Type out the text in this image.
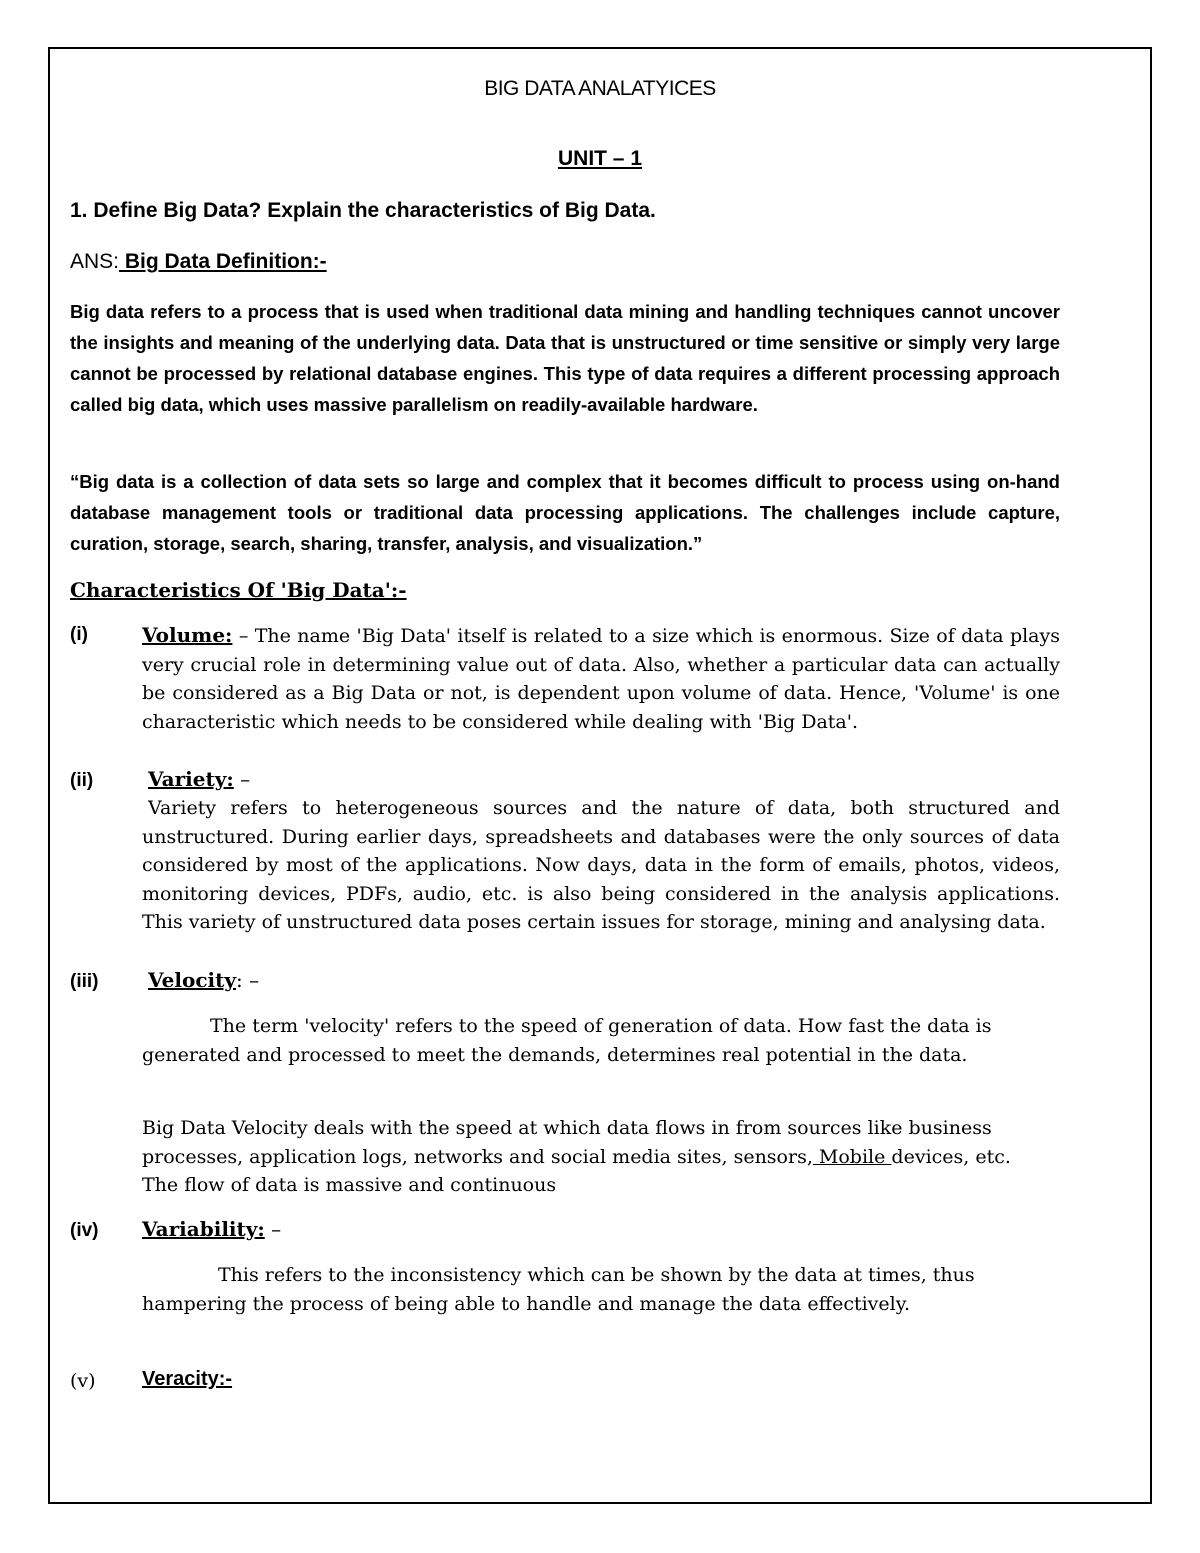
BIG DATA ANALATYICES

UNIT – 1

1. Define Big Data? Explain the characteristics of Big Data.

ANS: Big Data Definition:-

Big data refers to a process that is used when traditional data mining and handling techniques cannot uncover the insights and meaning of the underlying data. Data that is unstructured or time sensitive or simply very large cannot be processed by relational database engines. This type of data requires a different processing approach called big data, which uses massive parallelism on readily-available hardware.

“Big data is a collection of data sets so large and complex that it becomes difficult to process using on-hand database management tools or traditional data processing applications. The challenges include capture, curation, storage, search, sharing, transfer, analysis, and visualization.”

Characteristics Of 'Big Data':-

(i)	Volume: – The name 'Big Data' itself is related to a size which is enormous. Size of data plays very crucial role in determining value out of data. Also, whether a particular data can actually be considered as a Big Data or not, is dependent upon volume of data. Hence, 'Volume' is one characteristic which needs to be considered while dealing with 'Big Data'.

(ii)	Variety: –

Variety refers to heterogeneous sources and the nature of data, both structured and unstructured. During earlier days, spreadsheets and databases were the only sources of data considered by most of the applications. Now days, data in the form of emails, photos, videos, monitoring devices, PDFs, audio, etc. is also being considered in the analysis applications. This variety of unstructured data poses certain issues for storage, mining and analysing data.

(iii) Velocity: –

The term 'velocity' refers to the speed of generation of data. How fast the data is generated and processed to meet the demands, determines real potential in the data.

Big Data Velocity deals with the speed at which data flows in from sources like business processes, application logs, networks and social media sites, sensors, Mobile devices, etc. The flow of data is massive and continuous

(iv) Variability: –

This refers to the inconsistency which can be shown by the data at times, thus hampering the process of being able to handle and manage the data effectively.

(v) Veracity:-
